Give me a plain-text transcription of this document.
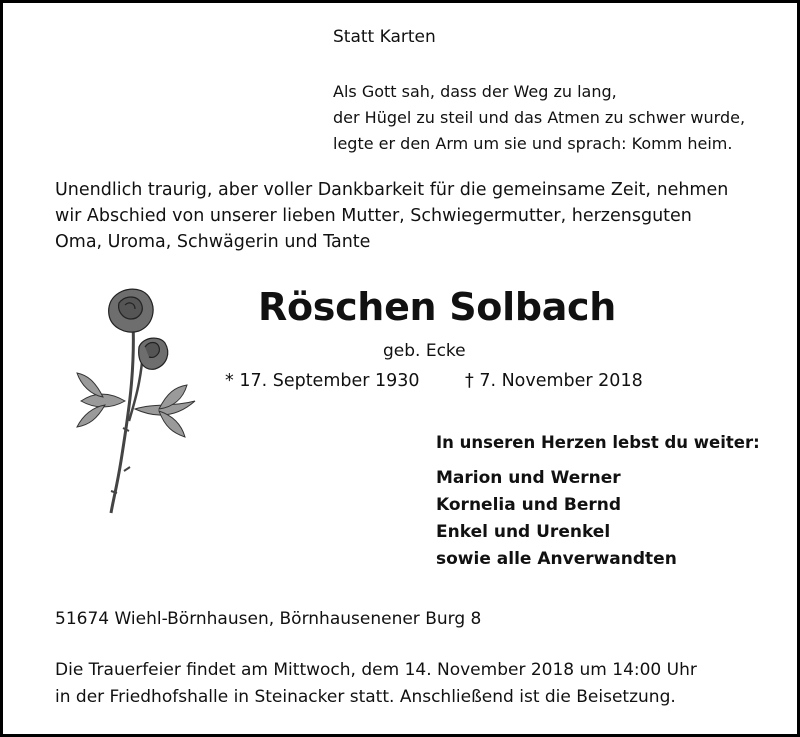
Statt Karten
Als Gott sah, dass der Weg zu lang,
der Hügel zu steil und das Atmen zu schwer wurde,
legte er den Arm um sie und sprach: Komm heim.
Unendlich traurig, aber voller Dankbarkeit für die gemeinsame Zeit, nehmen
wir Abschied von unserer lieben Mutter, Schwiegermutter, herzensguten
Oma, Uroma, Schwägerin und Tante
Röschen Solbach
geb. Ecke
* 17. September 1930	† 7. November 2018
In unseren Herzen lebst du weiter:
Marion und Werner
Kornelia und Bernd
Enkel und Urenkel
sowie alle Anverwandten
51674 Wiehl-Börnhausen, Börnhausenener Burg 8
Die Trauerfeier findet am Mittwoch, dem 14. November 2018 um 14:00 Uhr
in der Friedhofshalle in Steinacker statt. Anschließend ist die Beisetzung.
